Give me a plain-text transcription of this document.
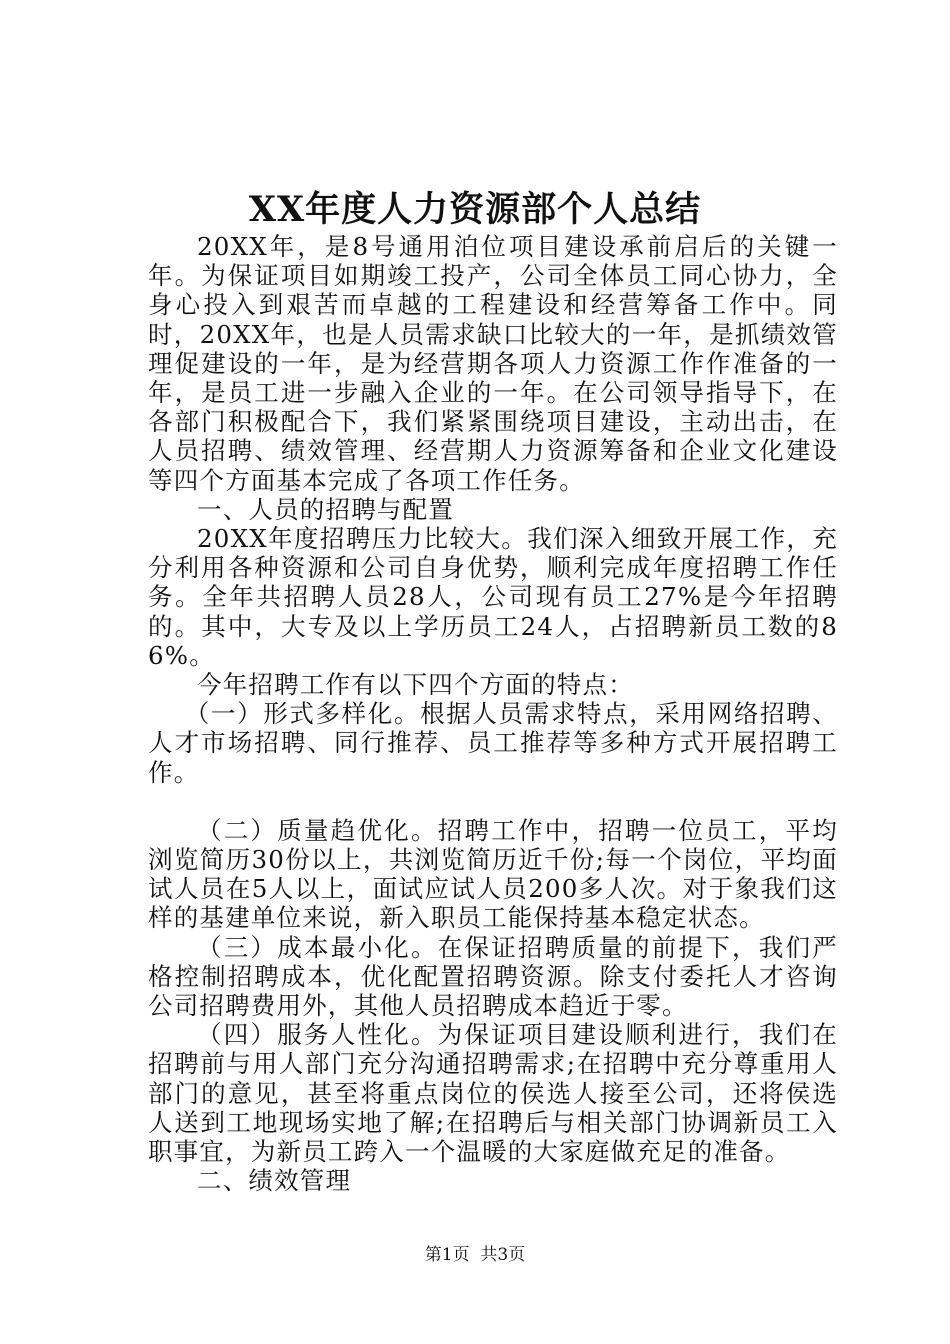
XX年度人力资源部个人总结

20XX年，是8号通用泊位项目建设承前启后的关键一年。为保证项目如期竣工投产，公司全体员工同心协力，全身心投入到艰苦而卓越的工程建设和经营筹备工作中。同时，20XX年，也是人员需求缺口比较大的一年，是抓绩效管理促建设的一年，是为经营期各项人力资源工作作准备的一年，是员工进一步融入企业的一年。在公司领导指导下，在各部门积极配合下，我们紧紧围绕项目建设，主动出击，在人员招聘、绩效管理、经营期人力资源筹备和企业文化建设等四个方面基本完成了各项工作任务。

一、人员的招聘与配置

20XX年度招聘压力比较大。我们深入细致开展工作，充分利用各种资源和公司自身优势，顺利完成年度招聘工作任务。全年共招聘人员28人，公司现有员工27%是今年招聘的。其中，大专及以上学历员工24人，占招聘新员工数的86%。

今年招聘工作有以下四个方面的特点：

（一）形式多样化。根据人员需求特点，采用网络招聘、人才市场招聘、同行推荐、员工推荐等多种方式开展招聘工作。

（二）质量趋优化。招聘工作中，招聘一位员工，平均浏览简历30份以上，共浏览简历近千份;每一个岗位，平均面试人员在5人以上，面试应试人员200多人次。对于象我们这样的基建单位来说，新入职员工能保持基本稳定状态。

（三）成本最小化。在保证招聘质量的前提下，我们严格控制招聘成本，优化配置招聘资源。除支付委托人才咨询公司招聘费用外，其他人员招聘成本趋近于零。

（四）服务人性化。为保证项目建设顺利进行，我们在招聘前与用人部门充分沟通招聘需求;在招聘中充分尊重用人部门的意见，甚至将重点岗位的侯选人接至公司，还将侯选人送到工地现场实地了解;在招聘后与相关部门协调新员工入职事宜，为新员工跨入一个温暖的大家庭做充足的准备。

二、绩效管理

第1页  共3页
